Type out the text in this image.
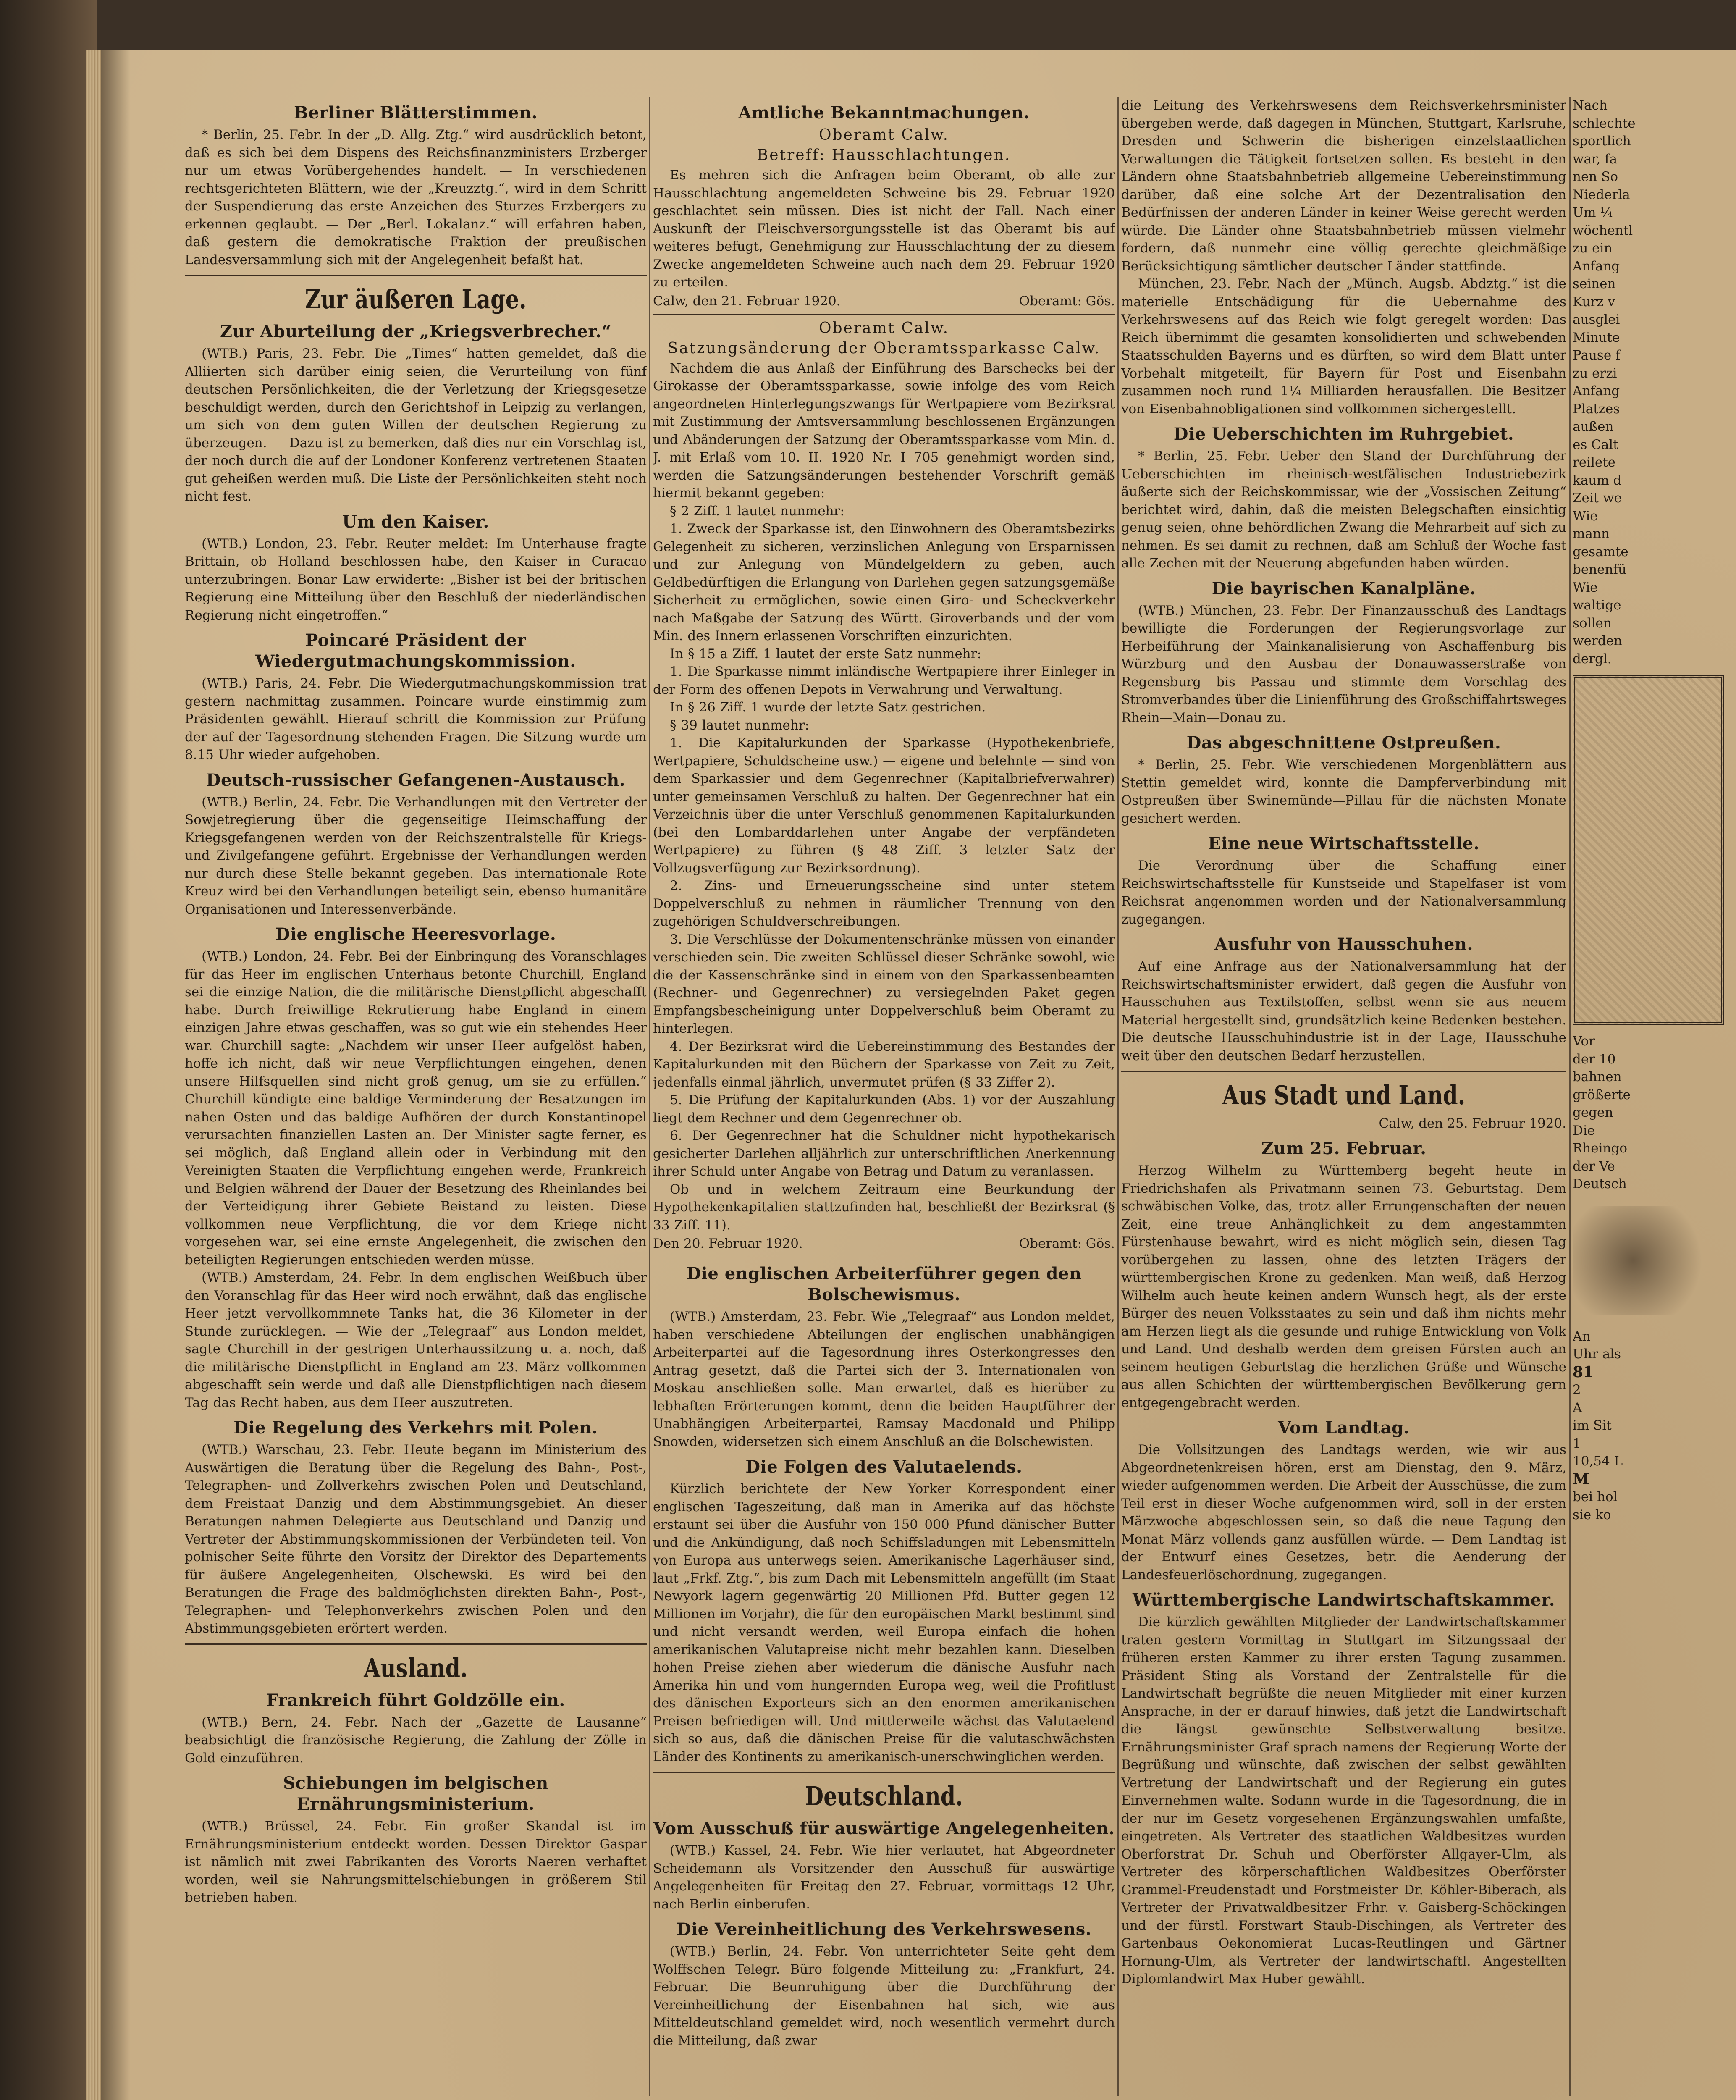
Berliner Blätterstimmen.

* Berlin, 25. Febr. In der „D. Allg. Ztg.“ wird ausdrücklich betont, daß es sich bei dem Dispens des Reichsfinanzministers Erzberger nur um etwas Vorübergehendes handelt. — In verschiedenen rechtsgerichteten Blättern, wie der „Kreuzztg.“, wird in dem Schritt der Suspendierung das erste Anzeichen des Sturzes Erzbergers zu erkennen geglaubt. — Der „Berl. Lokalanz.“ will erfahren haben, daß gestern die demokratische Fraktion der preußischen Landesversammlung sich mit der Angelegenheit befaßt hat.

Zur äußeren Lage.
Zur Aburteilung der „Kriegsverbrecher.“

(WTB.) Paris, 23. Febr. Die „Times“ hatten gemeldet, daß die Alliierten sich darüber einig seien, die Verurteilung von fünf deutschen Persönlichkeiten, die der Verletzung der Kriegsgesetze beschuldigt werden, durch den Gerichtshof in Leipzig zu verlangen, um sich von dem guten Willen der deutschen Regierung zu überzeugen. — Dazu ist zu bemerken, daß dies nur ein Vorschlag ist, der noch durch die auf der Londoner Konferenz vertretenen Staaten gut geheißen werden muß. Die Liste der Persönlichkeiten steht noch nicht fest.

Um den Kaiser.

(WTB.) London, 23. Febr. Reuter meldet: Im Unterhause fragte Brittain, ob Holland beschlossen habe, den Kaiser in Curacao unterzubringen. Bonar Law erwiderte: „Bisher ist bei der britischen Regierung eine Mitteilung über den Beschluß der niederländischen Regierung nicht eingetroffen.“

Poincaré Präsident der Wiedergutmachungskommission.

(WTB.) Paris, 24. Febr. Die Wiedergutmachungskommission trat gestern nachmittag zusammen. Poincare wurde einstimmig zum Präsidenten gewählt. Hierauf schritt die Kommission zur Prüfung der auf der Tagesordnung stehenden Fragen. Die Sitzung wurde um 8.15 Uhr wieder aufgehoben.

Deutsch-russischer Gefangenen-Austausch.

(WTB.) Berlin, 24. Febr. Die Verhandlungen mit den Vertreter der Sowjetregierung über die gegenseitige Heimschaffung der Kriegsgefangenen werden von der Reichszentralstelle für Kriegs- und Zivilgefangene geführt. Ergebnisse der Verhandlungen werden nur durch diese Stelle bekannt gegeben. Das internationale Rote Kreuz wird bei den Verhandlungen beteiligt sein, ebenso humanitäre Organisationen und Interessenverbände.

Die englische Heeresvorlage.

(WTB.) London, 24. Febr. Bei der Einbringung des Voranschlages für das Heer im englischen Unterhaus betonte Churchill, England sei die einzige Nation, die die militärische Dienstpflicht abgeschafft habe. Durch freiwillige Rekrutierung habe England in einem einzigen Jahre etwas geschaffen, was so gut wie ein stehendes Heer war. Churchill sagte: „Nachdem wir unser Heer aufgelöst haben, hoffe ich nicht, daß wir neue Verpflichtungen eingehen, denen unsere Hilfsquellen sind nicht groß genug, um sie zu erfüllen.“ Churchill kündigte eine baldige Verminderung der Besatzungen im nahen Osten und das baldige Aufhören der durch Konstantinopel verursachten finanziellen Lasten an. Der Minister sagte ferner, es sei möglich, daß England allein oder in Verbindung mit den Vereinigten Staaten die Verpflichtung eingehen werde, Frankreich und Belgien während der Dauer der Besetzung des Rheinlandes bei der Verteidigung ihrer Gebiete Beistand zu leisten. Diese vollkommen neue Verpflichtung, die vor dem Kriege nicht vorgesehen war, sei eine ernste Angelegenheit, die zwischen den beteiligten Regierungen entschieden werden müsse.

(WTB.) Amsterdam, 24. Febr. In dem englischen Weißbuch über den Voranschlag für das Heer wird noch erwähnt, daß das englische Heer jetzt vervollkommnete Tanks hat, die 36 Kilometer in der Stunde zurücklegen. — Wie der „Telegraaf“ aus London meldet, sagte Churchill in der gestrigen Unterhaussitzung u. a. noch, daß die militärische Dienstpflicht in England am 23. März vollkommen abgeschafft sein werde und daß alle Dienstpflichtigen nach diesem Tag das Recht haben, aus dem Heer auszutreten.

Die Regelung des Verkehrs mit Polen.

(WTB.) Warschau, 23. Febr. Heute begann im Ministerium des Auswärtigen die Beratung über die Regelung des Bahn-, Post-, Telegraphen- und Zollverkehrs zwischen Polen und Deutschland, dem Freistaat Danzig und dem Abstimmungsgebiet. An dieser Beratungen nahmen Delegierte aus Deutschland und Danzig und Vertreter der Abstimmungskommissionen der Verbündeten teil. Von polnischer Seite führte den Vorsitz der Direktor des Departements für äußere Angelegenheiten, Olschewski. Es wird bei den Beratungen die Frage des baldmöglichsten direkten Bahn-, Post-, Telegraphen- und Telephonverkehrs zwischen Polen und den Abstimmungsgebieten erörtert werden.

Ausland.
Frankreich führt Goldzölle ein.

(WTB.) Bern, 24. Febr. Nach der „Gazette de Lausanne“ beabsichtigt die französische Regierung, die Zahlung der Zölle in Gold einzuführen.

Schiebungen im belgischen Ernährungsministerium.

(WTB.) Brüssel, 24. Febr. Ein großer Skandal ist im Ernährungsministerium entdeckt worden. Dessen Direktor Gaspar ist nämlich mit zwei Fabrikanten des Vororts Naeren verhaftet worden, weil sie Nahrungsmittelschiebungen in größerem Stil betrieben haben.

Amtliche Bekanntmachungen.
Oberamt Calw.
Betreff: Hausschlachtungen.

Es mehren sich die Anfragen beim Oberamt, ob alle zur Hausschlachtung angemeldeten Schweine bis 29. Februar 1920 geschlachtet sein müssen. Dies ist nicht der Fall. Nach einer Auskunft der Fleischversorgungsstelle ist das Oberamt bis auf weiteres befugt, Genehmigung zur Hausschlachtung der zu diesem Zwecke angemeldeten Schweine auch nach dem 29. Februar 1920 zu erteilen.

Calw, den 21. Februar 1920.	Oberamt: Gös.
Oberamt Calw.
Satzungsänderung der Oberamtssparkasse Calw.

Nachdem die aus Anlaß der Einführung des Barschecks bei der Girokasse der Oberamtssparkasse, sowie infolge des vom Reich angeordneten Hinterlegungszwangs für Wertpapiere vom Bezirksrat mit Zustimmung der Amtsversammlung beschlossenen Ergänzungen und Abänderungen der Satzung der Oberamtssparkasse vom Min. d. J. mit Erlaß vom 10. II. 1920 Nr. I 705 genehmigt worden sind, werden die Satzungsänderungen bestehender Vorschrift gemäß hiermit bekannt gegeben:

§ 2 Ziff. 1 lautet nunmehr:

1. Zweck der Sparkasse ist, den Einwohnern des Oberamtsbezirks Gelegenheit zu sicheren, verzinslichen Anlegung von Ersparnissen und zur Anlegung von Mündelgeldern zu geben, auch Geldbedürftigen die Erlangung von Darlehen gegen satzungsgemäße Sicherheit zu ermöglichen, sowie einen Giro- und Scheckverkehr nach Maßgabe der Satzung des Württ. Giroverbands und der vom Min. des Innern erlassenen Vorschriften einzurichten.

In § 15 a Ziff. 1 lautet der erste Satz nunmehr:

1. Die Sparkasse nimmt inländische Wertpapiere ihrer Einleger in der Form des offenen Depots in Verwahrung und Verwaltung.

In § 26 Ziff. 1 wurde der letzte Satz gestrichen.

§ 39 lautet nunmehr:

1. Die Kapitalurkunden der Sparkasse (Hypothekenbriefe, Wertpapiere, Schuldscheine usw.) — eigene und belehnte — sind von dem Sparkassier und dem Gegenrechner (Kapitalbriefverwahrer) unter gemeinsamen Verschluß zu halten. Der Gegenrechner hat ein Verzeichnis über die unter Verschluß genommenen Kapitalurkunden (bei den Lombarddarlehen unter Angabe der verpfändeten Wertpapiere) zu führen (§ 48 Ziff. 3 letzter Satz der Vollzugsverfügung zur Bezirksordnung).

2. Zins- und Erneuerungsscheine sind unter stetem Doppelverschluß zu nehmen in räumlicher Trennung von den zugehörigen Schuldverschreibungen.

3. Die Verschlüsse der Dokumentenschränke müssen von einander verschieden sein. Die zweiten Schlüssel dieser Schränke sowohl, wie die der Kassenschränke sind in einem von den Sparkassenbeamten (Rechner- und Gegenrechner) zu versiegelnden Paket gegen Empfangsbescheinigung unter Doppelverschluß beim Oberamt zu hinterlegen.

4. Der Bezirksrat wird die Uebereinstimmung des Bestandes der Kapitalurkunden mit den Büchern der Sparkasse von Zeit zu Zeit, jedenfalls einmal jährlich, unvermutet prüfen (§ 33 Ziffer 2).

5. Die Prüfung der Kapitalurkunden (Abs. 1) vor der Auszahlung liegt dem Rechner und dem Gegenrechner ob.

6. Der Gegenrechner hat die Schuldner nicht hypothekarisch gesicherter Darlehen alljährlich zur unterschriftlichen Anerkennung ihrer Schuld unter Angabe von Betrag und Datum zu veranlassen.

Ob und in welchem Zeitraum eine Beurkundung der Hypothekenkapitalien stattzufinden hat, beschließt der Bezirksrat (§ 33 Ziff. 11).

Den 20. Februar 1920.	Oberamt: Gös.
Die englischen Arbeiterführer gegen den Bolschewismus.

(WTB.) Amsterdam, 23. Febr. Wie „Telegraaf“ aus London meldet, haben verschiedene Abteilungen der englischen unabhängigen Arbeiterpartei auf die Tagesordnung ihres Osterkongresses den Antrag gesetzt, daß die Partei sich der 3. Internationalen von Moskau anschließen solle. Man erwartet, daß es hierüber zu lebhaften Erörterungen kommt, denn die beiden Hauptführer der Unabhängigen Arbeiterpartei, Ramsay Macdonald und Philipp Snowden, widersetzen sich einem Anschluß an die Bolschewisten.

Die Folgen des Valutaelends.

Kürzlich berichtete der New Yorker Korrespondent einer englischen Tageszeitung, daß man in Amerika auf das höchste erstaunt sei über die Ausfuhr von 150 000 Pfund dänischer Butter und die Ankündigung, daß noch Schiffsladungen mit Lebensmitteln von Europa aus unterwegs seien. Amerikanische Lagerhäuser sind, laut „Frkf. Ztg.“, bis zum Dach mit Lebensmitteln angefüllt (im Staat Newyork lagern gegenwärtig 20 Millionen Pfd. Butter gegen 12 Millionen im Vorjahr), die für den europäischen Markt bestimmt sind und nicht versandt werden, weil Europa einfach die hohen amerikanischen Valutapreise nicht mehr bezahlen kann. Dieselben hohen Preise ziehen aber wiederum die dänische Ausfuhr nach Amerika hin und vom hungernden Europa weg, weil die Profitlust des dänischen Exporteurs sich an den enormen amerikanischen Preisen befriedigen will. Und mittlerweile wächst das Valutaelend sich so aus, daß die dänischen Preise für die valutaschwächsten Länder des Kontinents zu amerikanisch-unerschwinglichen werden.

Deutschland.
Vom Ausschuß für auswärtige Angelegenheiten.

(WTB.) Kassel, 24. Febr. Wie hier verlautet, hat Abgeordneter Scheidemann als Vorsitzender den Ausschuß für auswärtige Angelegenheiten für Freitag den 27. Februar, vormittags 12 Uhr, nach Berlin einberufen.

Die Vereinheitlichung des Verkehrswesens.

(WTB.) Berlin, 24. Febr. Von unterrichteter Seite geht dem Wolffschen Telegr. Büro folgende Mitteilung zu: „Frankfurt, 24. Februar. Die Beunruhigung über die Durchführung der Vereinheitlichung der Eisenbahnen hat sich, wie aus Mitteldeutschland gemeldet wird, noch wesentlich vermehrt durch die Mitteilung, daß zwar

die Leitung des Verkehrswesens dem Reichsverkehrsminister übergeben werde, daß dagegen in München, Stuttgart, Karlsruhe, Dresden und Schwerin die bisherigen einzelstaatlichen Verwaltungen die Tätigkeit fortsetzen sollen. Es besteht in den Ländern ohne Staatsbahnbetrieb allgemeine Uebereinstimmung darüber, daß eine solche Art der Dezentralisation den Bedürfnissen der anderen Länder in keiner Weise gerecht werden würde. Die Länder ohne Staatsbahnbetrieb müssen vielmehr fordern, daß nunmehr eine völlig gerechte gleichmäßige Berücksichtigung sämtlicher deutscher Länder stattfinde.

München, 23. Febr. Nach der „Münch. Augsb. Abdztg.“ ist die materielle Entschädigung für die Uebernahme des Verkehrswesens auf das Reich wie folgt geregelt worden: Das Reich übernimmt die gesamten konsolidierten und schwebenden Staatsschulden Bayerns und es dürften, so wird dem Blatt unter Vorbehalt mitgeteilt, für Bayern für Post und Eisenbahn zusammen noch rund 1¼ Milliarden herausfallen. Die Besitzer von Eisenbahnobligationen sind vollkommen sichergestellt.

Die Ueberschichten im Ruhrgebiet.

* Berlin, 25. Febr. Ueber den Stand der Durchführung der Ueberschichten im rheinisch-westfälischen Industriebezirk äußerte sich der Reichskommissar, wie der „Vossischen Zeitung“ berichtet wird, dahin, daß die meisten Belegschaften einsichtig genug seien, ohne behördlichen Zwang die Mehrarbeit auf sich zu nehmen. Es sei damit zu rechnen, daß am Schluß der Woche fast alle Zechen mit der Neuerung abgefunden haben würden.

Die bayrischen Kanalpläne.

(WTB.) München, 23. Febr. Der Finanzausschuß des Landtags bewilligte die Forderungen der Regierungsvorlage zur Herbeiführung der Mainkanalisierung von Aschaffenburg bis Würzburg und den Ausbau der Donauwasserstraße von Regensburg bis Passau und stimmte dem Vorschlag des Stromverbandes über die Linienführung des Großschiffahrtsweges Rhein—Main—Donau zu.

Das abgeschnittene Ostpreußen.

* Berlin, 25. Febr. Wie verschiedenen Morgenblättern aus Stettin gemeldet wird, konnte die Dampferverbindung mit Ostpreußen über Swinemünde—Pillau für die nächsten Monate gesichert werden.

Eine neue Wirtschaftsstelle.

Die Verordnung über die Schaffung einer Reichswirtschaftsstelle für Kunstseide und Stapelfaser ist vom Reichsrat angenommen worden und der Nationalversammlung zugegangen.

Ausfuhr von Hausschuhen.

Auf eine Anfrage aus der Nationalversammlung hat der Reichswirtschaftsminister erwidert, daß gegen die Ausfuhr von Hausschuhen aus Textilstoffen, selbst wenn sie aus neuem Material hergestellt sind, grundsätzlich keine Bedenken bestehen. Die deutsche Hausschuhindustrie ist in der Lage, Hausschuhe weit über den deutschen Bedarf herzustellen.

Aus Stadt und Land.
Calw, den 25. Februar 1920.
Zum 25. Februar.

Herzog Wilhelm zu Württemberg begeht heute in Friedrichshafen als Privatmann seinen 73. Geburtstag. Dem schwäbischen Volke, das, trotz aller Errungenschaften der neuen Zeit, eine treue Anhänglichkeit zu dem angestammten Fürstenhause bewahrt, wird es nicht möglich sein, diesen Tag vorübergehen zu lassen, ohne des letzten Trägers der württembergischen Krone zu gedenken. Man weiß, daß Herzog Wilhelm auch heute keinen andern Wunsch hegt, als der erste Bürger des neuen Volksstaates zu sein und daß ihm nichts mehr am Herzen liegt als die gesunde und ruhige Entwicklung von Volk und Land. Und deshalb werden dem greisen Fürsten auch an seinem heutigen Geburtstag die herzlichen Grüße und Wünsche aus allen Schichten der württembergischen Bevölkerung gern entgegengebracht werden.

Vom Landtag.

Die Vollsitzungen des Landtags werden, wie wir aus Abgeordnetenkreisen hören, erst am Dienstag, den 9. März, wieder aufgenommen werden. Die Arbeit der Ausschüsse, die zum Teil erst in dieser Woche aufgenommen wird, soll in der ersten Märzwoche abgeschlossen sein, so daß die neue Tagung den Monat März vollends ganz ausfüllen würde. — Dem Landtag ist der Entwurf eines Gesetzes, betr. die Aenderung der Landesfeuerlöschordnung, zugegangen.

Württembergische Landwirtschaftskammer.

Die kürzlich gewählten Mitglieder der Landwirtschaftskammer traten gestern Vormittag in Stuttgart im Sitzungssaal der früheren ersten Kammer zu ihrer ersten Tagung zusammen. Präsident Sting als Vorstand der Zentralstelle für die Landwirtschaft begrüßte die neuen Mitglieder mit einer kurzen Ansprache, in der er darauf hinwies, daß jetzt die Landwirtschaft die längst gewünschte Selbstverwaltung besitze. Ernährungsminister Graf sprach namens der Regierung Worte der Begrüßung und wünschte, daß zwischen der selbst gewählten Vertretung der Landwirtschaft und der Regierung ein gutes Einvernehmen walte. Sodann wurde in die Tagesordnung, die in der nur im Gesetz vorgesehenen Ergänzungswahlen umfaßte, eingetreten. Als Vertreter des staatlichen Waldbesitzes wurden Oberforstrat Dr. Schuh und Oberförster Allgayer-Ulm, als Vertreter des körperschaftlichen Waldbesitzes Oberförster Grammel-Freudenstadt und Forstmeister Dr. Köhler-Biberach, als Vertreter der Privatwaldbesitzer Frhr. v. Gaisberg-Schöckingen und der fürstl. Forstwart Staub-Dischingen, als Vertreter des Gartenbaus Oekonomierat Lucas-Reutlingen und Gärtner Hornung-Ulm, als Vertreter der landwirtschaftl. Angestellten Diplomlandwirt Max Huber gewählt.

Nach
schlechte
sportlich
war, fa
nen So
Niederla
Um ¼
wöchentl
zu ein
Anfang
seinen
Kurz v
ausglei
Minute
Pause f
zu erzi
Anfang
Platzes
außen
es Calt
reilete
kaum d
Zeit we
Wie
mann
gesamte
benenfü
Wie
waltige
sollen
werden
dergl.
Vor
der 10
bahnen
größerte
gegen
Die
Rheingo
der Ve
Deutsch
An
Uhr als
81
2
A
im Sit
1
10,54 L
M
bei hol
sie ko
